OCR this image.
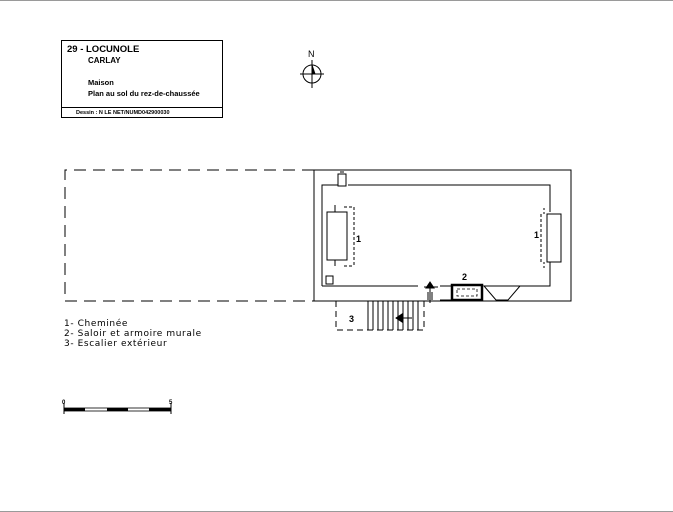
29 - LOCUNOLE
CARLAY
Maison
Plan au sol du rez-de-chaussée
Dessin : N LE NET/NUMD042900030
N
1	1
2
3
0	5
1- Cheminée
2- Saloir et armoire murale
3- Escalier extérieur
